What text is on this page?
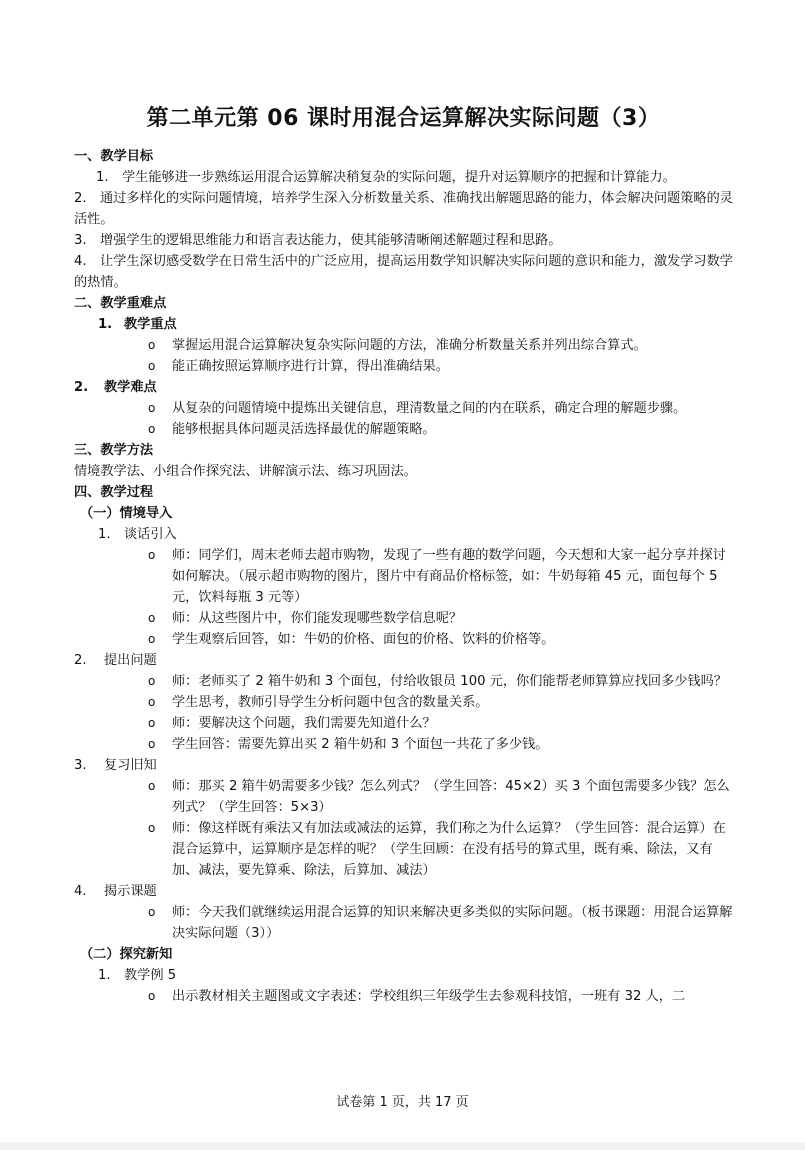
第二单元第 06 课时用混合运算解决实际问题（3）
一、教学目标
1. 学生能够进一步熟练运用混合运算解决稍复杂的实际问题，提升对运算顺序的把握和计算能力。
2. 通过多样化的实际问题情境，培养学生深入分析数量关系、准确找出解题思路的能力，体会解决问题策略的灵活性。
3. 增强学生的逻辑思维能力和语言表达能力，使其能够清晰阐述解题过程和思路。
4. 让学生深切感受数学在日常生活中的广泛应用，提高运用数学知识解决实际问题的意识和能力，激发学习数学的热情。
二、教学重难点
1. 教学重点
o 掌握运用混合运算解决复杂实际问题的方法，准确分析数量关系并列出综合算式。
o 能正确按照运算顺序进行计算，得出准确结果。
2. 教学难点
o 从复杂的问题情境中提炼出关键信息，理清数量之间的内在联系，确定合理的解题步骤。
o 能够根据具体问题灵活选择最优的解题策略。
三、教学方法
情境教学法、小组合作探究法、讲解演示法、练习巩固法。
四、教学过程
（一）情境导入
1. 谈话引入
o 师：同学们，周末老师去超市购物，发现了一些有趣的数学问题，今天想和大家一起分享并探讨如何解决。（展示超市购物的图片，图片中有商品价格标签，如：牛奶每箱 45 元，面包每个 5 元，饮料每瓶 3 元等）
o 师：从这些图片中，你们能发现哪些数学信息呢？
o 学生观察后回答，如：牛奶的价格、面包的价格、饮料的价格等。
2. 提出问题
o 师：老师买了 2 箱牛奶和 3 个面包，付给收银员 100 元，你们能帮老师算算应找回多少钱吗？
o 学生思考，教师引导学生分析问题中包含的数量关系。
o 师：要解决这个问题，我们需要先知道什么？
o 学生回答：需要先算出买 2 箱牛奶和 3 个面包一共花了多少钱。
3. 复习旧知
o 师：那买 2 箱牛奶需要多少钱？怎么列式？（学生回答：45×2）买 3 个面包需要多少钱？怎么列式？（学生回答：5×3）
o 师：像这样既有乘法又有加法或减法的运算，我们称之为什么运算？（学生回答：混合运算）在混合运算中，运算顺序是怎样的呢？（学生回顾：在没有括号的算式里，既有乘、除法，又有加、减法，要先算乘、除法，后算加、减法）
4. 揭示课题
o 师：今天我们就继续运用混合运算的知识来解决更多类似的实际问题。（板书课题：用混合运算解决实际问题（3））
（二）探究新知
1. 教学例 5
o 出示教材相关主题图或文字表述：学校组织三年级学生去参观科技馆，一班有 32 人，二
试卷第 1 页，共 17 页
